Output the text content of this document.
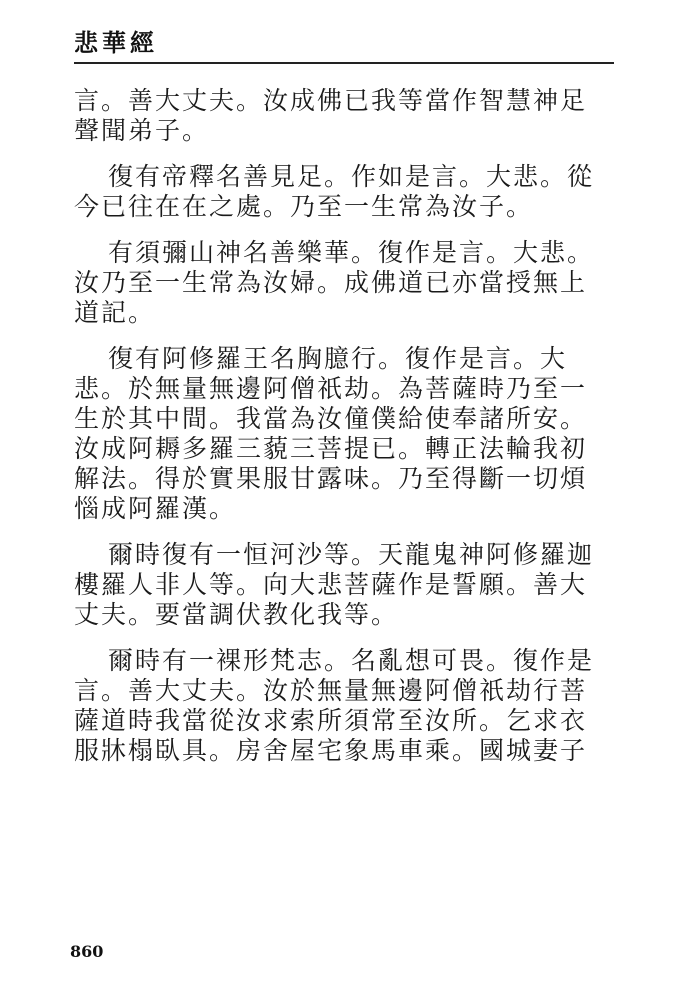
悲華經
言。善大丈夫。汝成佛已我等當作智慧神足
聲聞弟子。
復有帝釋名善見足。作如是言。大悲。從
今已往在在之處。乃至一生常為汝子。
有須彌山神名善樂華。復作是言。大悲。
汝乃至一生常為汝婦。成佛道已亦當授無上
道記。
復有阿修羅王名胸臆行。復作是言。大
悲。於無量無邊阿僧祇劫。為菩薩時乃至一
生於其中間。我當為汝僮僕給使奉諸所安。
汝成阿耨多羅三藐三菩提已。轉正法輪我初
解法。得於實果服甘露味。乃至得斷一切煩
惱成阿羅漢。
爾時復有一恒河沙等。天龍鬼神阿修羅迦
樓羅人非人等。向大悲菩薩作是誓願。善大
丈夫。要當調伏教化我等。
爾時有一裸形梵志。名亂想可畏。復作是
言。善大丈夫。汝於無量無邊阿僧祇劫行菩
薩道時我當從汝求索所須常至汝所。乞求衣
服牀榻臥具。房舍屋宅象馬車乘。國城妻子
860
